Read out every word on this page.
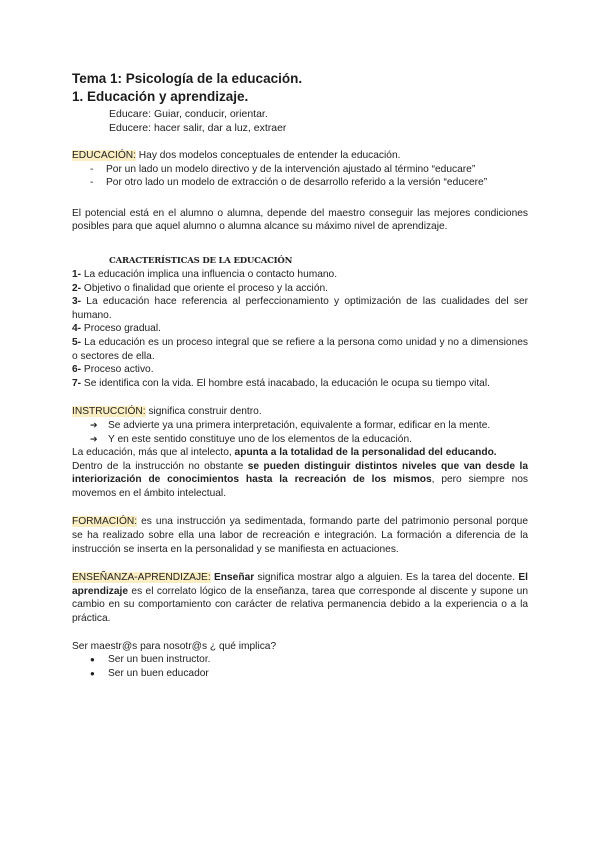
Tema 1: Psicología de la educación.
1. Educación y aprendizaje.
Educare: Guiar, conducir, orientar.
Educere: hacer salir, dar a luz, extraer
EDUCACIÓN: Hay dos modelos conceptuales de entender la educación.
-	Por un lado un modelo directivo y de la intervención ajustado al término “educare”
-	Por otro lado un modelo de extracción o de desarrollo referido a la versión “educere”
El potencial está en el alumno o alumna, depende del maestro conseguir las mejores condiciones posibles para que aquel alumno o alumna alcance su máximo nivel de aprendizaje.
CARACTERÍSTICAS DE LA EDUCACIÓN
1- La educación implica una influencia o contacto humano.
2- Objetivo o finalidad que oriente el proceso y la acción.
3- La educación hace referencia al perfeccionamiento y optimización de las cualidades del ser humano.
4- Proceso gradual.
5- La educación es un proceso integral que se refiere a la persona como unidad y no a dimensiones o sectores de ella.
6- Proceso activo.
7- Se identifica con la vida. El hombre está inacabado, la educación le ocupa su tiempo vital.
INSTRUCCIÓN: significa construir dentro.
➔	Se advierte ya una primera interpretación, equivalente a formar, edificar en la mente.
➔	Y en este sentido constituye uno de los elementos de la educación.
La educación, más que al intelecto, apunta a la totalidad de la personalidad del educando.
Dentro de la instrucción no obstante se pueden distinguir distintos niveles que van desde la interiorización de conocimientos hasta la recreación de los mismos, pero siempre nos movemos en el ámbito intelectual.
FORMACIÓN: es una instrucción ya sedimentada, formando parte del patrimonio personal porque se ha realizado sobre ella una labor de recreación e integración. La formación a diferencia de la instrucción se inserta en la personalidad y se manifiesta en actuaciones.
ENSEÑANZA-APRENDIZAJE: Enseñar significa mostrar algo a alguien. Es la tarea del docente. El aprendizaje es el correlato lógico de la enseñanza, tarea que corresponde al discente y supone un cambio en su comportamiento con carácter de relativa permanencia debido a la experiencia o a la práctica.
Ser maestr@s para nosotr@s ¿ qué implica?
●	Ser un buen instructor.
●	Ser un buen educador
